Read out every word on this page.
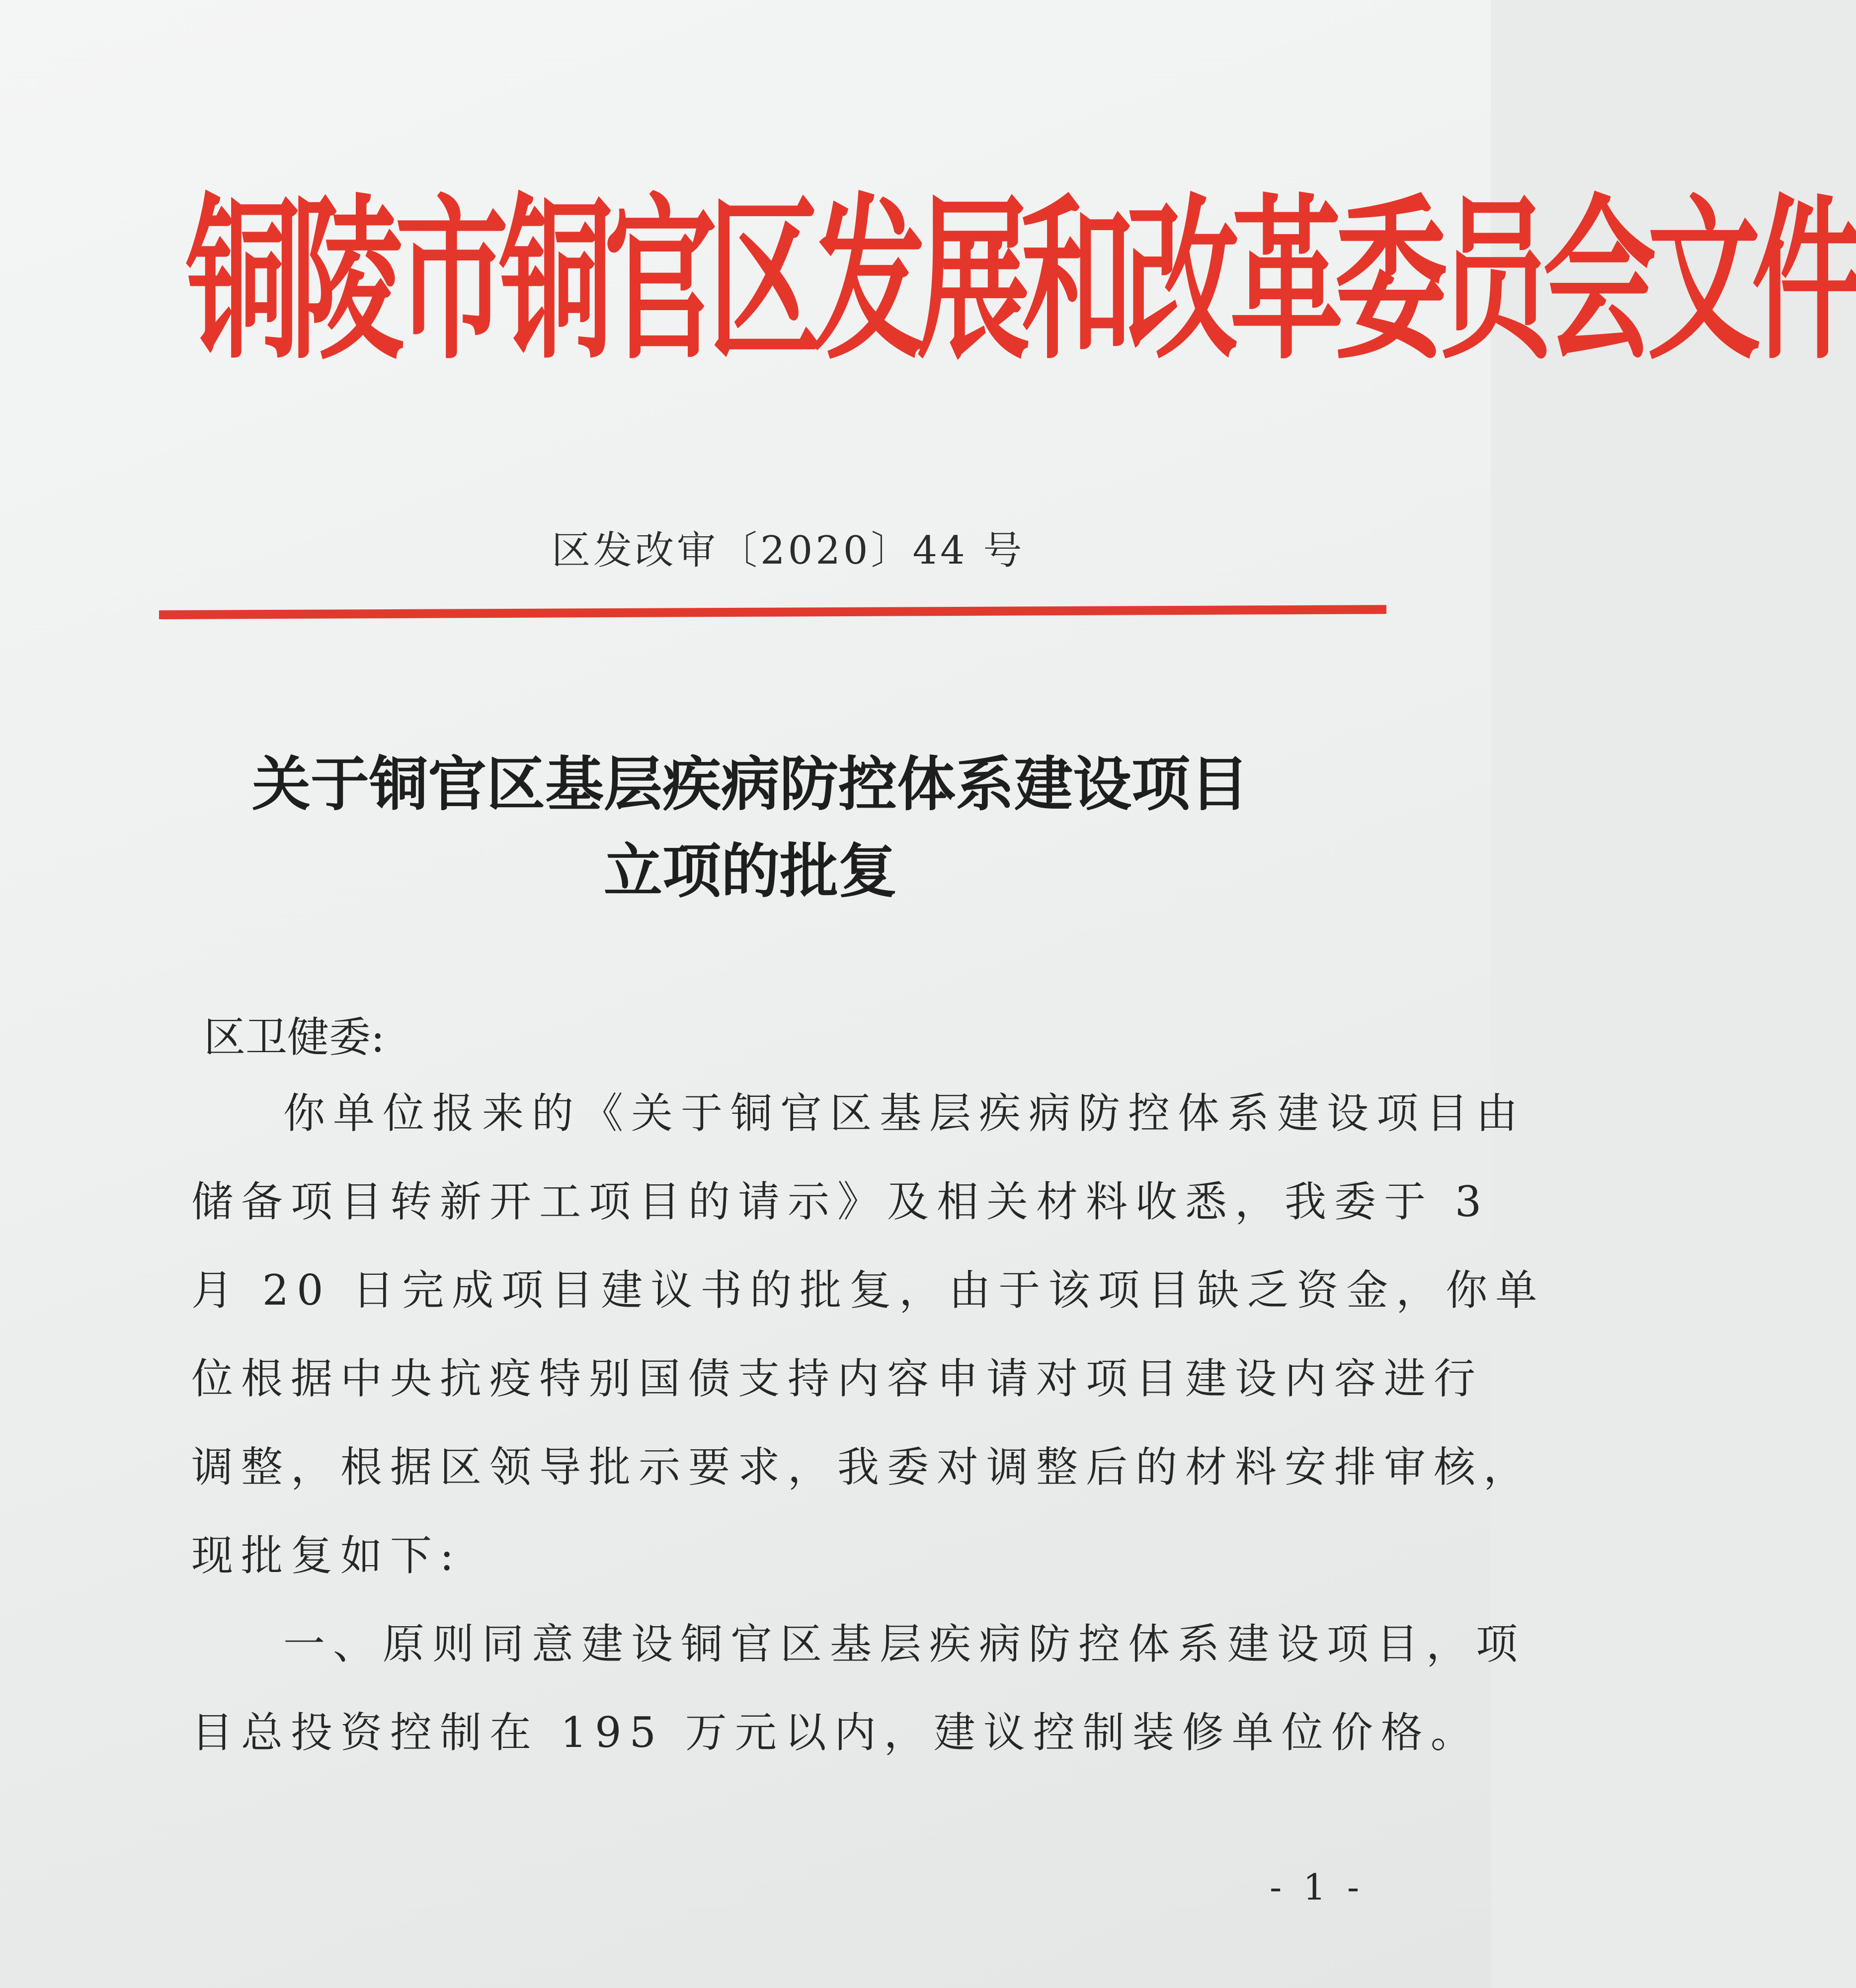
铜陵市铜官区发展和改革委员会文件
区发改审〔2020〕44 号
关于铜官区基层疾病防控体系建设项目
立项的批复
区卫健委:
你单位报来的《关于铜官区基层疾病防控体系建设项目由
储备项目转新开工项目的请示》及相关材料收悉，我委于 3
月 20 日完成项目建议书的批复，由于该项目缺乏资金，你单
位根据中央抗疫特别国债支持内容申请对项目建设内容进行
调整，根据区领导批示要求，我委对调整后的材料安排审核，
现批复如下:
一、原则同意建设铜官区基层疾病防控体系建设项目，项
目总投资控制在 195 万元以内，建议控制装修单位价格。
- 1 -
